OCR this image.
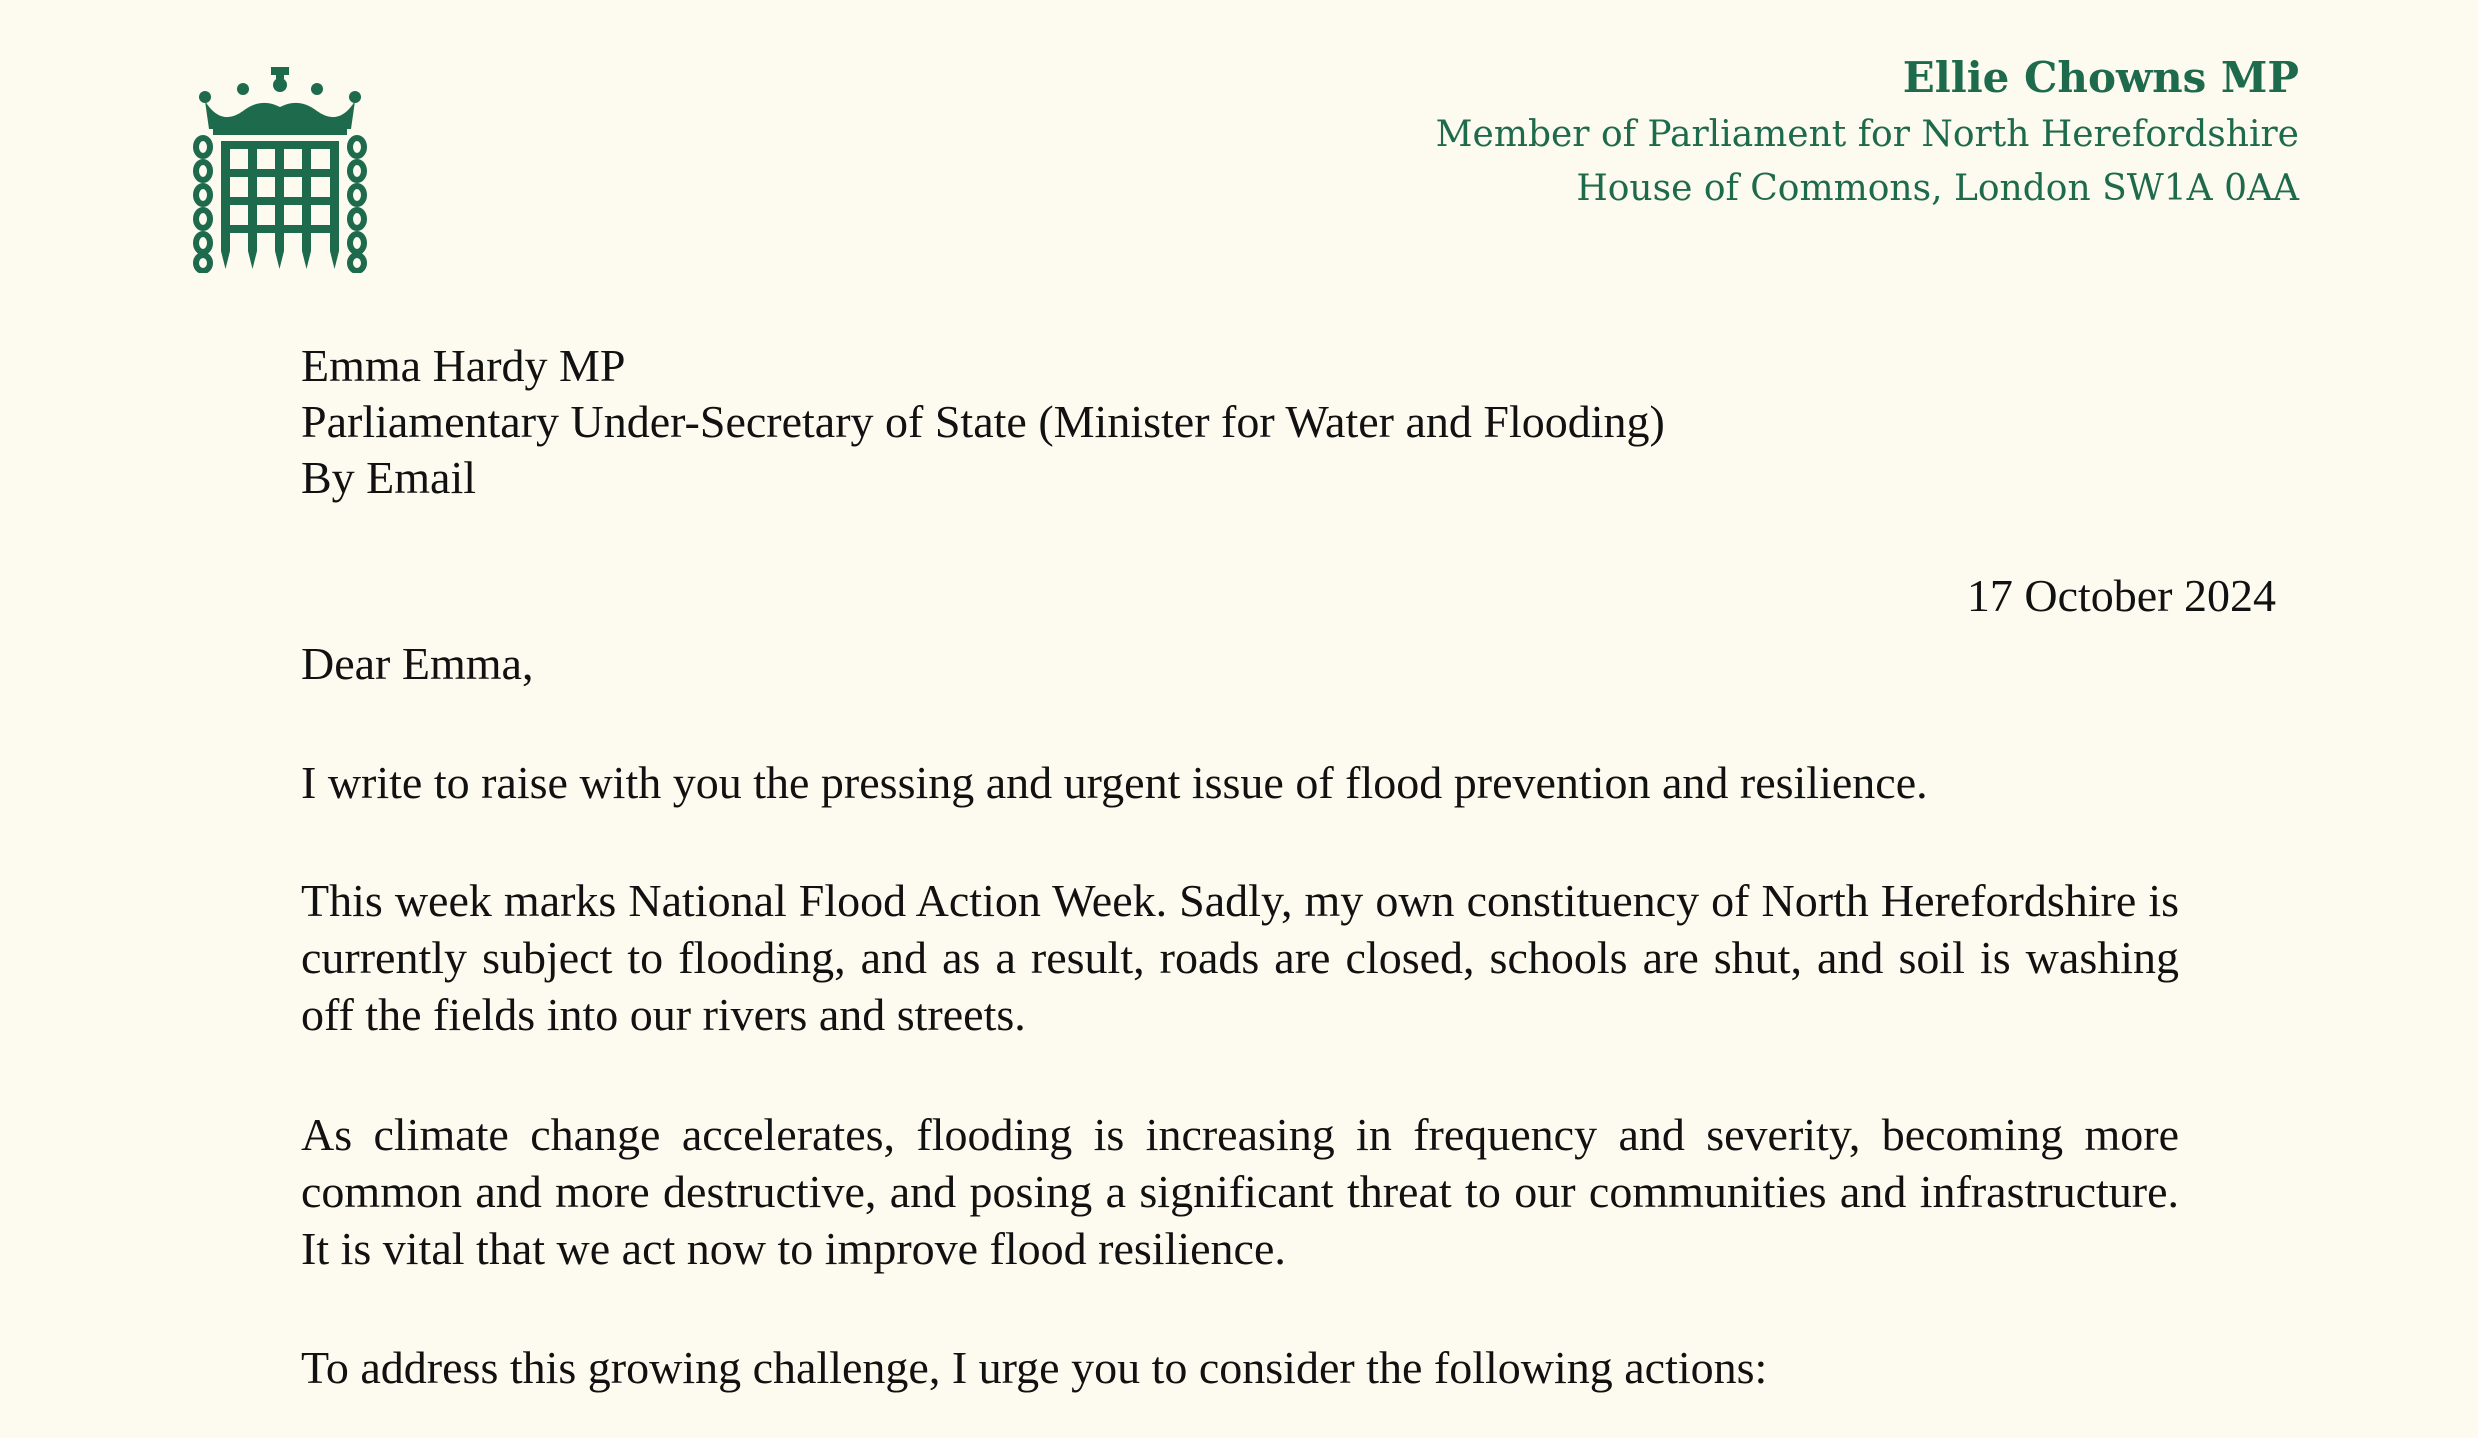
Ellie Chowns MP
Member of Parliament for North Herefordshire
House of Commons, London SW1A 0AA
Emma Hardy MP
Parliamentary Under-Secretary of State (Minister for Water and Flooding)
By Email
17 October 2024
Dear Emma,
I write to raise with you the pressing and urgent issue of flood prevention and resilience.
This week marks National Flood Action Week. Sadly, my own constituency of North Herefordshire is currently subject to flooding, and as a result, roads are closed, schools are shut, and soil is washing off the fields into our rivers and streets.
As climate change accelerates, flooding is increasing in frequency and severity, becoming more common and more destructive, and posing a significant threat to our communities and infrastructure. It is vital that we act now to improve flood resilience.
To address this growing challenge, I urge you to consider the following actions:
